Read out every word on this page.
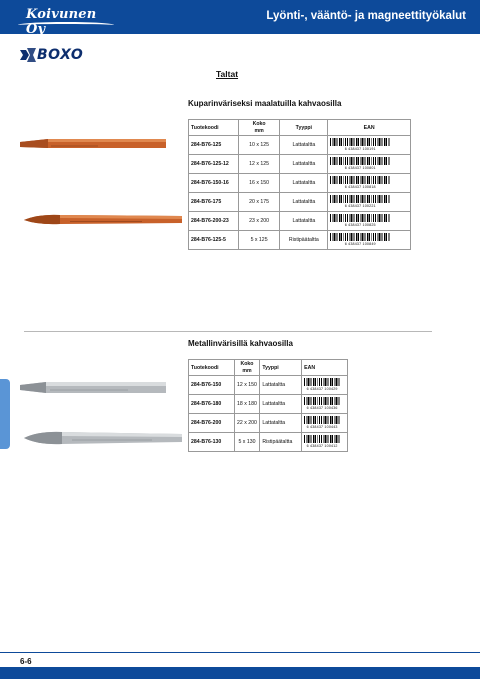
Koivunen Oy
Lyönti-, vääntö- ja magneettityökalut
BOXO
Taltat
Kuparinväriseksi maalatuilla kahvaosilla
Tuotekoodi	Koko mm	Tyyppi	EAN
284-B76-125	10 x 125	Lattataltta	6 438437 100191

284-B76-125-12	12 x 125	Lattataltta	6 438437 100801

284-B76-150-16	16 x 150	Lattataltta	6 438437 100818

284-B76-175	20 x 175	Lattataltta	6 438437 100221

284-B76-200-23	23 x 200	Lattataltta	6 438437 100825

284-B76-125-5	5 x 125	Ristipäätaltta	6 438437 100849
Metallinvärisillä kahvaosilla
Tuotekoodi	Koko mm	Tyyppi	EAN
284-B76-150	12 x 150	Lattataltta	6 438437 100429

284-B76-180	18 x 180	Lattataltta	6 438437 100436

284-B76-200	22 x 200	Lattataltta	6 438437 100443

284-B76-130	5 x 130	Ristipäätaltta	6 438437 100412
6-6
